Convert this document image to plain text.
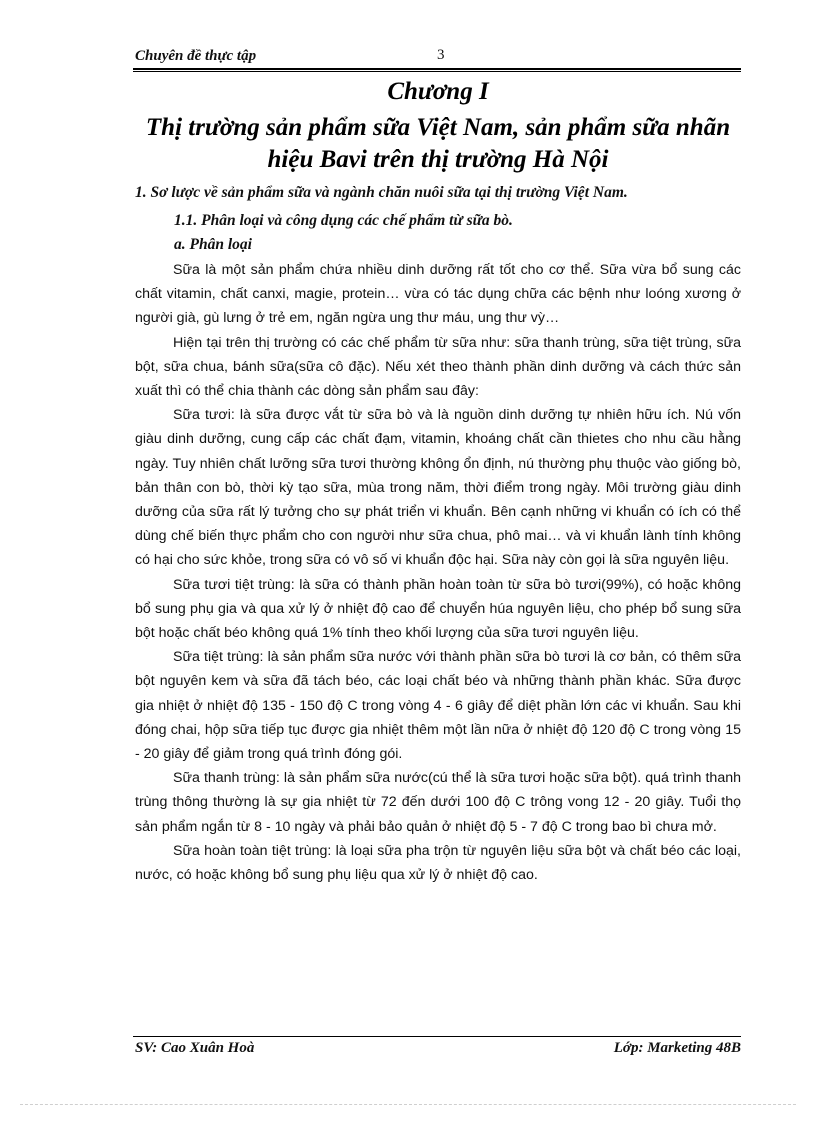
Chuyên đề thực tập	3
Chương I
Thị trường sản phẩm sữa Việt Nam, sản phẩm sữa nhãn
hiệu Bavi trên thị trường Hà Nội
1. Sơ lược về sản phẩm sữa và ngành chăn nuôi sữa tại thị trường Việt Nam.
1.1. Phân loại và công dụng các chế phẩm từ sữa bò.
a. Phân loại

Sữa là một sản phẩm chứa nhiều dinh dưỡng rất tốt cho cơ thể. Sữa vừa bổ sung các chất vitamin, chất canxi, magie, protein… vừa có tác dụng chữa các bệnh như loóng xương ở người già, gù lưng ở trẻ em, ngăn ngừa ung thư máu, ung thư vỳ…

Hiện tại trên thị trường có các chế phẩm từ sữa như: sữa thanh trùng, sữa tiệt trùng, sữa bột, sữa chua, bánh sữa(sữa cô đặc). Nếu xét theo thành phần dinh dưỡng và cách thức sản xuất thì có thể chia thành các dòng sản phẩm sau đây:

Sữa tươi: là sữa được vắt từ sữa bò và là nguồn dinh dưỡng tự nhiên hữu ích. Nú vốn giàu dinh dưỡng, cung cấp các chất đạm, vitamin, khoáng chất cần thietes cho nhu cầu hằng ngày. Tuy nhiên chất lưỡng sữa tươi thường không ổn định, nú thường phụ thuộc vào giống bò, bản thân con bò, thời kỳ tạo sữa, mùa trong năm, thời điểm trong ngày. Môi trường giàu dinh dưỡng của sữa rất lý tưởng cho sự phát triển vi khuẩn. Bên cạnh những vi khuẩn có ích có thể dùng chế biến thực phẩm cho con người như sữa chua, phô mai… và vi khuẩn lành tính không có hại cho sức khỏe, trong sữa có vô số vi khuẩn độc hại. Sữa này còn gọi là sữa nguyên liệu.

Sữa tươi tiệt trùng: là sữa có thành phần hoàn toàn từ sữa bò tươi(99%), có hoặc không bổ sung phụ gia và qua xử lý ở nhiệt độ cao để chuyển húa nguyên liệu, cho phép bổ sung sữa bột hoặc chất béo không quá 1% tính theo khối lượng của sữa tươi nguyên liệu.

Sữa tiệt trùng: là sản phẩm sữa nước với thành phần sữa bò tươi là cơ bản, có thêm sữa bột nguyên kem và sữa đã tách béo, các loại chất béo và những thành phần khác. Sữa được gia nhiệt ở nhiệt độ 135 - 150 độ C trong vòng 4 - 6 giây để diệt phần lớn các vi khuẩn. Sau khi đóng chai, hộp sữa tiếp tục được gia nhiệt thêm một lần nữa ở nhiệt độ 120 độ C trong vòng 15 - 20 giây để giảm trong quá trình đóng gói.

Sữa thanh trùng: là sản phẩm sữa nước(cú thể là sữa tươi hoặc sữa bột). quá trình thanh trùng thông thường là sự gia nhiệt từ 72 đến dưới 100 độ C trông vong 12 - 20 giây. Tuổi thọ sản phẩm ngắn từ 8 - 10 ngày và phải bảo quản ở nhiệt độ 5 - 7 độ C trong bao bì chưa mở.

Sữa hoàn toàn tiệt trùng: là loại sữa pha trộn từ nguyên liệu sữa bột và chất béo các loại, nước, có hoặc không bổ sung phụ liệu qua xử lý ở nhiệt độ cao.

SV: Cao Xuân Hoà	Lớp: Marketing 48B
